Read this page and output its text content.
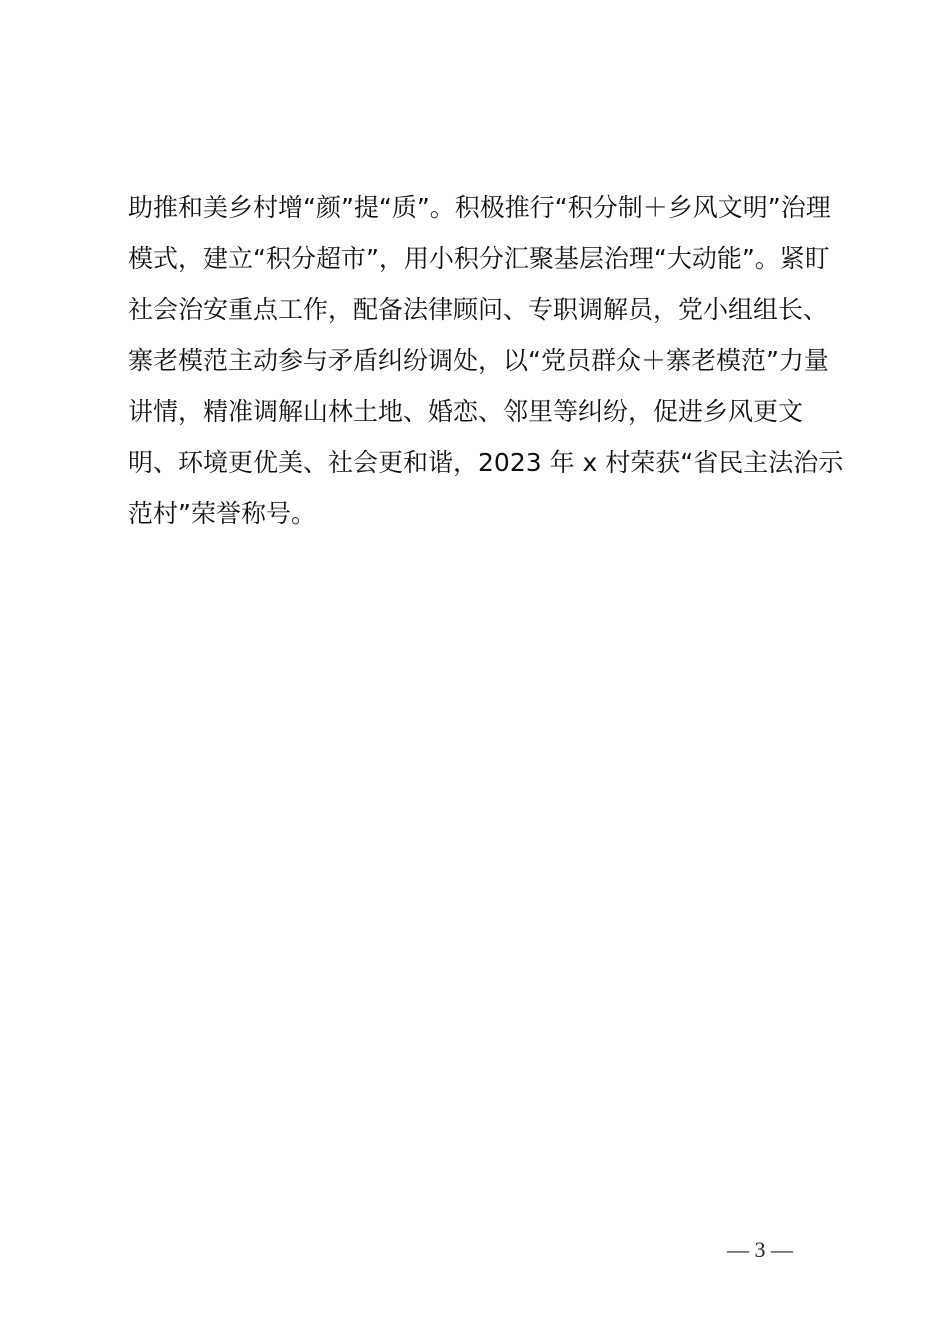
助推和美乡村增“颜”提“质”。积极推行“积分制＋乡风文明”治理
模式，建立“积分超市”，用小积分汇聚基层治理“大动能”。紧盯
社会治安重点工作，配备法律顾问、专职调解员，党小组组长、
寨老模范主动参与矛盾纠纷调处，以“党员群众＋寨老模范”力量
讲情，精准调解山林土地、婚恋、邻里等纠纷，促进乡风更文
明、环境更优美、社会更和谐，2023 年 x 村荣获“省民主法治示
范村”荣誉称号。
— 3 —
